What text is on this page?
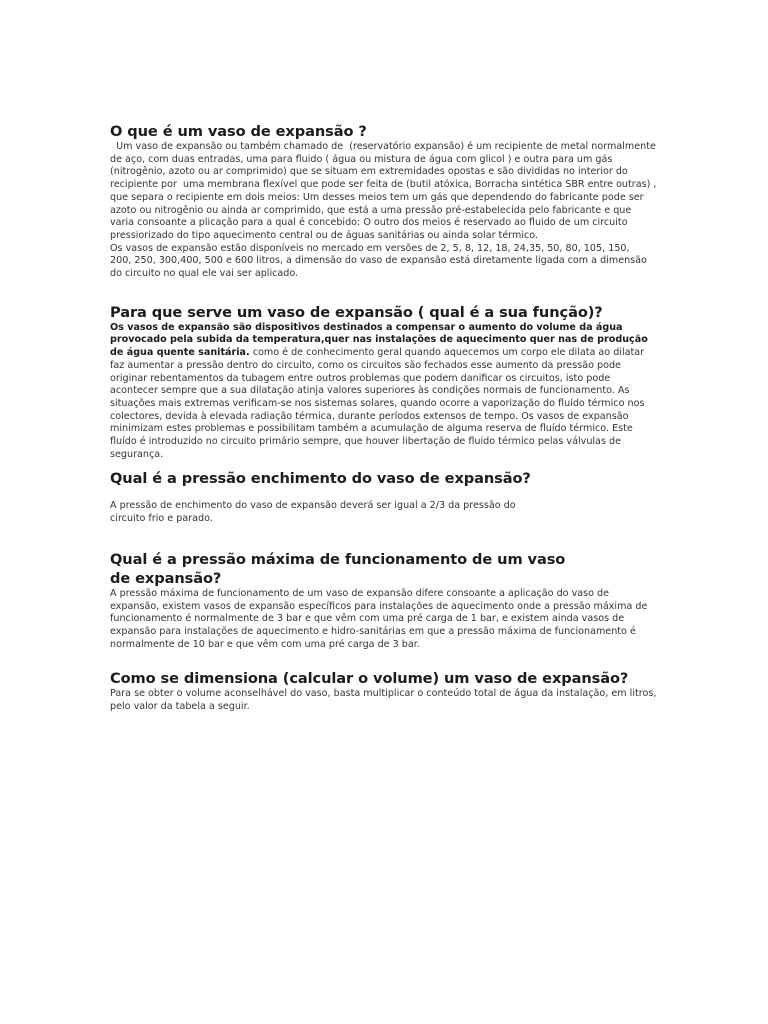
O que é um vaso de expansão ?

Um vaso de expansão ou também chamado de  (reservatório expansão) é um recipiente de metal normalmente de aço, com duas entradas, uma para fluido ( água ou mistura de água com glicol ) e outra para um gás (nitrogênio, azoto ou ar comprimido) que se situam em extremidades opostas e são divididas no interior do recipiente por  uma membrana flexível que pode ser feita de (butil atóxica, Borracha sintética SBR entre outras) , que separa o recipiente em dois meios: Um desses meios tem um gás que dependendo do fabricante pode ser azoto ou nitrogênio ou ainda ar comprimido, que está a uma pressão pré-estabelecida pelo fabricante e que varia consoante a plicação para a qual é concebido: O outro dos meios é reservado ao fluido de um circuito pressiorizado do tipo aquecimento central ou de águas sanitárias ou ainda solar térmico.

Os vasos de expansão estão disponíveis no mercado em versões de 2, 5, 8, 12, 18, 24,35, 50, 80, 105, 150, 200, 250, 300,400, 500 e 600 litros, a dimensão do vaso de expansão está diretamente ligada com a dimensão do circuito no qual ele vai ser aplicado.

Para que serve um vaso de expansão ( qual é a sua função)?

Os vasos de expansão são dispositivos destinados a compensar o aumento do volume da água provocado pela subida da temperatura,quer nas instalações de aquecimento quer nas de produção de água quente sanitária. como é de conhecimento geral quando aquecemos um corpo ele dilata ao dilatar faz aumentar a pressão dentro do circuito, como os circuitos são fechados esse aumento da pressão pode originar rebentamentos da tubagem entre outros problemas que podem danificar os circuitos, isto pode acontecer sempre que a sua dilatação atinja valores superiores às condições normais de funcionamento. As situações mais extremas verificam-se nos sistemas solares, quando ocorre a vaporização do fluído térmico nos colectores, devida à elevada radiação térmica, durante períodos extensos de tempo. Os vasos de expansão minimizam estes problemas e possibilitam também a acumulação de alguma reserva de fluído térmico. Este fluído é introduzido no circuito primário sempre, que houver libertação de fluido térmico pelas válvulas de segurança.

Qual é a pressão enchimento do vaso de expansão?

A pressão de enchimento do vaso de expansão deverá ser igual a 2/3 da pressão do circuito frio e parado.

Qual é a pressão máxima de funcionamento de um vaso de expansão?

A pressão máxima de funcionamento de um vaso de expansão difere consoante a aplicação do vaso de expansão, existem vasos de expansão específicos para instalações de aquecimento onde a pressão máxima de funcionamento é normalmente de 3 bar e que vêm com uma pré carga de 1 bar, e existem ainda vasos de expansão para instalações de aquecimento e hidro-sanitárias em que a pressão máxima de funcionamento é normalmente de 10 bar e que vêm com uma pré carga de 3 bar.

Como se dimensiona (calcular o volume) um vaso de expansão?

Para se obter o volume aconselhável do vaso, basta multiplicar o conteúdo total de água da instalação, em litros, pelo valor da tabela a seguir.
